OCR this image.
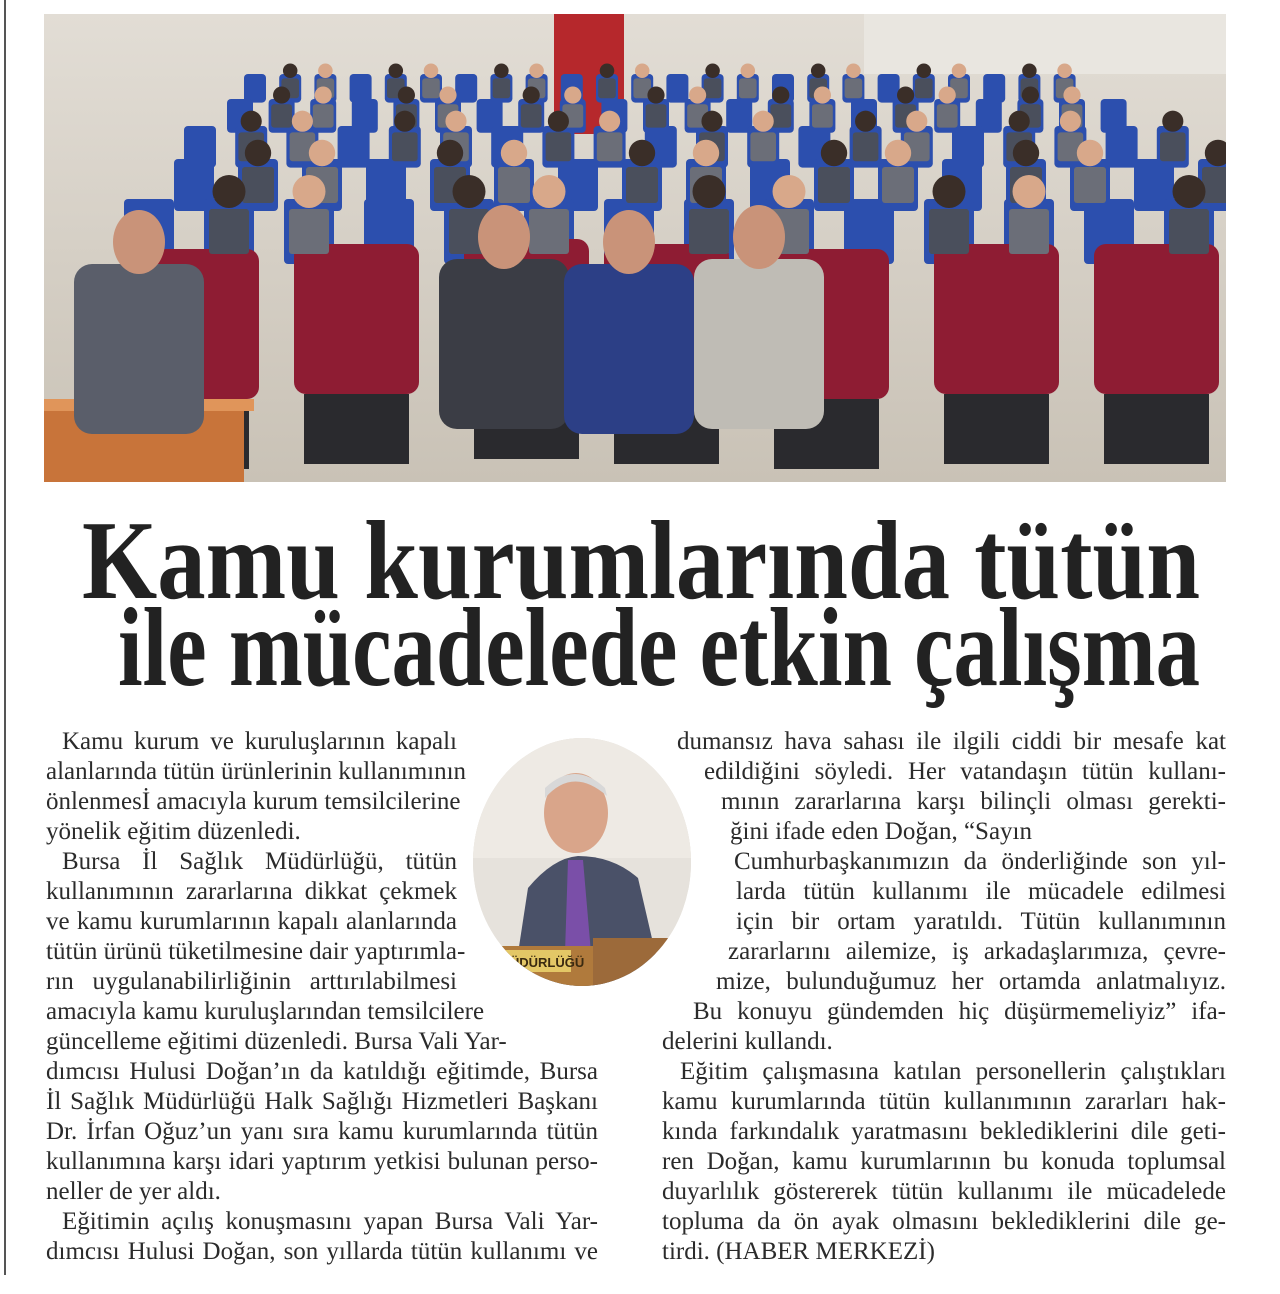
Kamu kurumlarında tütün
ile mücadelede etkin çalışma
Kamu kurum ve kuruluşlarının kapalı
alanlarında tütün ürünlerinin kullanımının
önlenmesİ amacıyla kurum temsilcilerine
yönelik eğitim düzenledi.
Bursa İl Sağlık Müdürlüğü, tütün
kullanımının zararlarına dikkat çekmek
ve kamu kurumlarının kapalı alanlarında
tütün ürünü tüketilmesine dair yaptırımla-
rın uygulanabilirliğinin arttırılabilmesi
amacıyla kamu kuruluşlarından temsilcilere
güncelleme eğitimi düzenledi. Bursa Vali Yar-
dımcısı Hulusi Doğan’ın da katıldığı eğitimde, Bursa
İl Sağlık Müdürlüğü Halk Sağlığı Hizmetleri Başkanı
Dr. İrfan Oğuz’un yanı sıra kamu kurumlarında tütün
kullanımına karşı idari yaptırım yetkisi bulunan perso-
neller de yer aldı.
Eğitimin açılış konuşmasını yapan Bursa Vali Yar-
dımcısı Hulusi Doğan, son yıllarda tütün kullanımı ve
dumansız hava sahası ile ilgili ciddi bir mesafe kat
edildiğini söyledi. Her vatandaşın tütün kullanı-
mının zararlarına karşı bilinçli olması gerekti-
ğini ifade eden Doğan, “Sayın
Cumhurbaşkanımızın da önderliğinde son yıl-
larda tütün kullanımı ile mücadele edilmesi
için bir ortam yaratıldı. Tütün kullanımının
zararlarını ailemize, iş arkadaşlarımıza, çevre-
mize, bulunduğumuz her ortamda anlatmalıyız.
Bu konuyu gündemden hiç düşürmemeliyiz” ifa-
delerini kullandı.
Eğitim çalışmasına katılan personellerin çalıştıkları
kamu kurumlarında tütün kullanımının zararları hak-
kında farkındalık yaratmasını beklediklerini dile geti-
ren Doğan, kamu kurumlarının bu konuda toplumsal
duyarlılık göstererek tütün kullanımı ile mücadelede
topluma da ön ayak olmasını beklediklerini dile ge-
tirdi. (HABER MERKEZİ)
MÜDÜRLÜĞÜ
